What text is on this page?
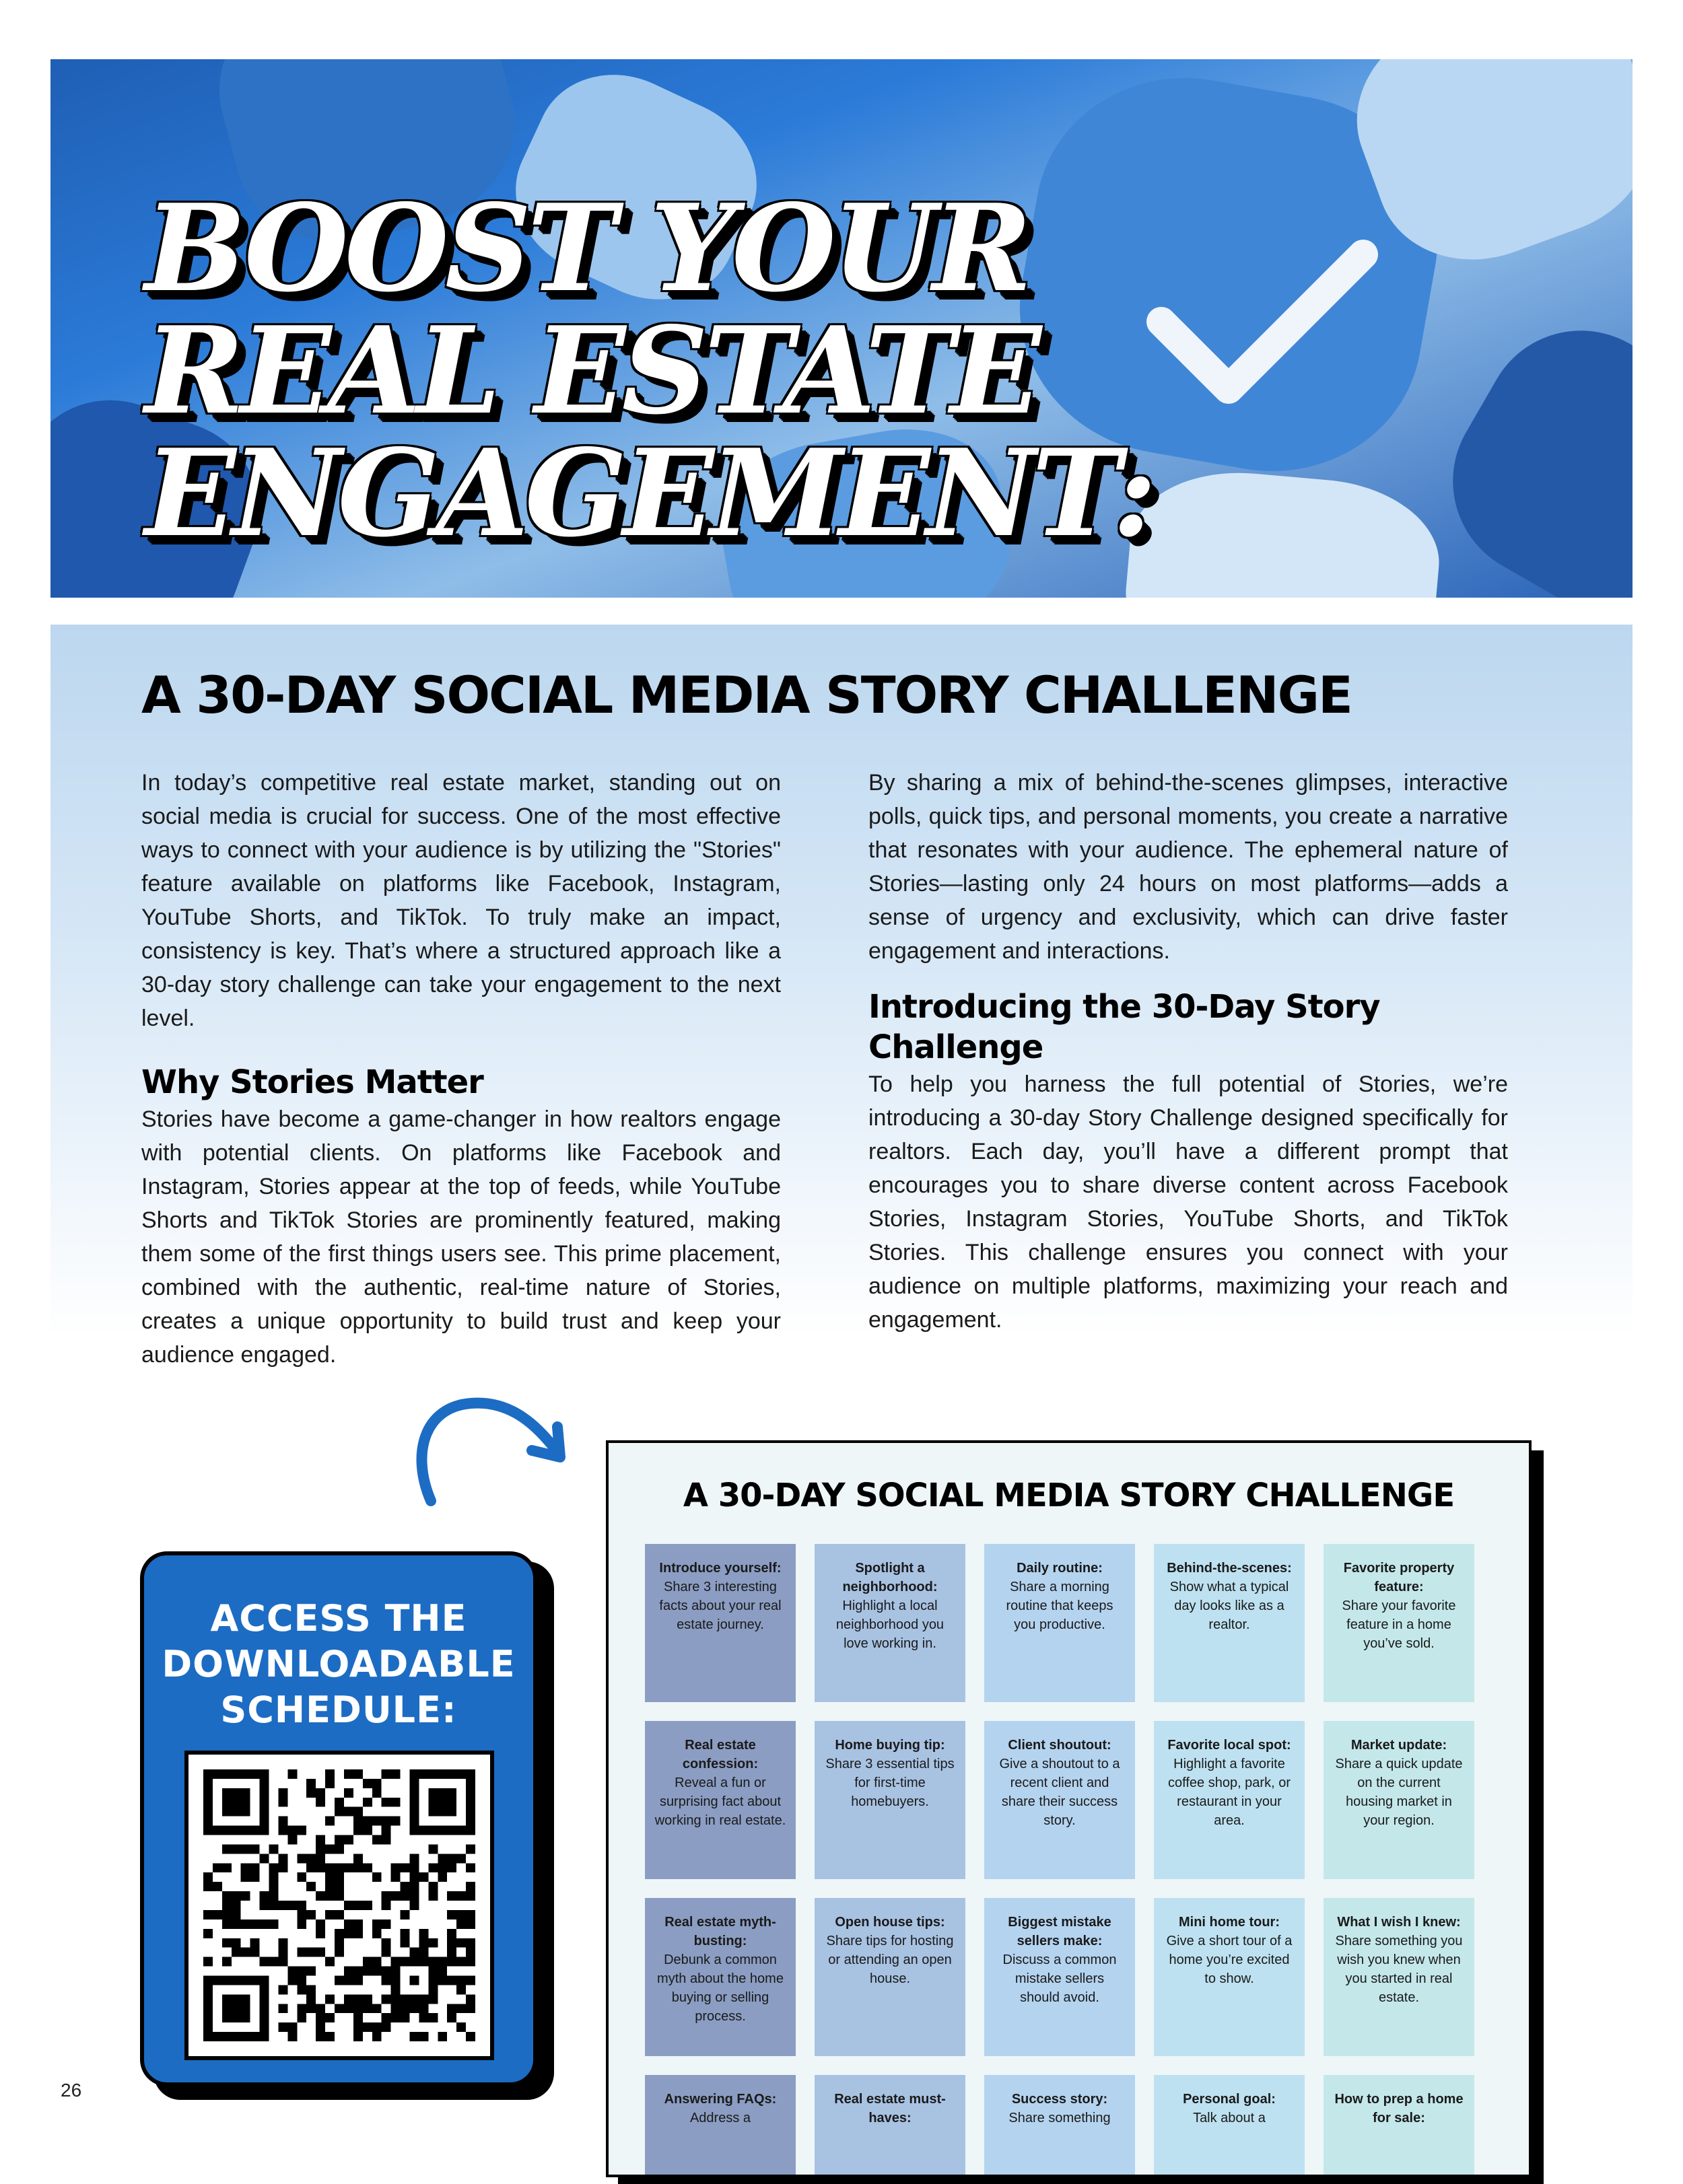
BOOST YOUR
REAL ESTATE
ENGAGEMENT:
A 30-DAY SOCIAL MEDIA STORY CHALLENGE

In today’s competitive real estate market, standing out on social media is crucial for success. One of the most effective ways to connect with your audience is by utilizing the "Stories" feature available on platforms like Facebook, Instagram, YouTube Shorts, and TikTok. To truly make an impact, consistency is key. That’s where a structured approach like a 30-day story challenge can take your engagement to the next level.

Why Stories Matter

Stories have become a game-changer in how realtors engage with potential clients. On platforms like Facebook and Instagram, Stories appear at the top of feeds, while YouTube Shorts and TikTok Stories are prominently featured, making them some of the first things users see. This prime placement, combined with the authentic, real-time nature of Stories, creates a unique opportunity to build trust and keep your audience engaged.

By sharing a mix of behind-the-scenes glimpses, interactive polls, quick tips, and personal moments, you create a narrative that resonates with your audience. The ephemeral nature of Stories—lasting only 24 hours on most platforms—adds a sense of urgency and exclusivity, which can drive faster engagement and interactions.

Introducing the 30-Day Story Challenge

To help you harness the full potential of Stories, we’re introducing a 30-day Story Challenge designed specifically for realtors. Each day, you’ll have a different prompt that encourages you to share diverse content across Facebook Stories, Instagram Stories, YouTube Shorts, and TikTok Stories. This challenge ensures you connect with your audience on multiple platforms, maximizing your reach and engagement.

ACCESS THE
DOWNLOADABLE
SCHEDULE:

26

A 30-DAY SOCIAL MEDIA STORY CHALLENGE
Introduce yourself:
Share 3 interesting facts about your real estate journey.
Spotlight a neighborhood:
Highlight a local neighborhood you love working in.
Daily routine:
Share a morning routine that keeps you productive.
Behind-the-scenes:
Show what a typical day looks like as a realtor.
Favorite property feature:
Share your favorite feature in a home you’ve sold.
Real estate confession:
Reveal a fun or surprising fact about working in real estate.
Home buying tip:
Share 3 essential tips for first-time homebuyers.
Client shoutout:
Give a shoutout to a recent client and share their success story.
Favorite local spot:
Highlight a favorite coffee shop, park, or restaurant in your area.
Market update:
Share a quick update on the current housing market in your region.
Real estate myth-busting:
Debunk a common myth about the home buying or selling process.
Open house tips:
Share tips for hosting or attending an open house.
Biggest mistake sellers make:
Discuss a common mistake sellers should avoid.
Mini home tour:
Give a short tour of a home you’re excited to show.
What I wish I knew:
Share something you wish you knew when you started in real estate.
Answering FAQs:
Address a
Real estate must-haves:
Success story:
Share something
Personal goal:
Talk about a
How to prep a home for sale:
